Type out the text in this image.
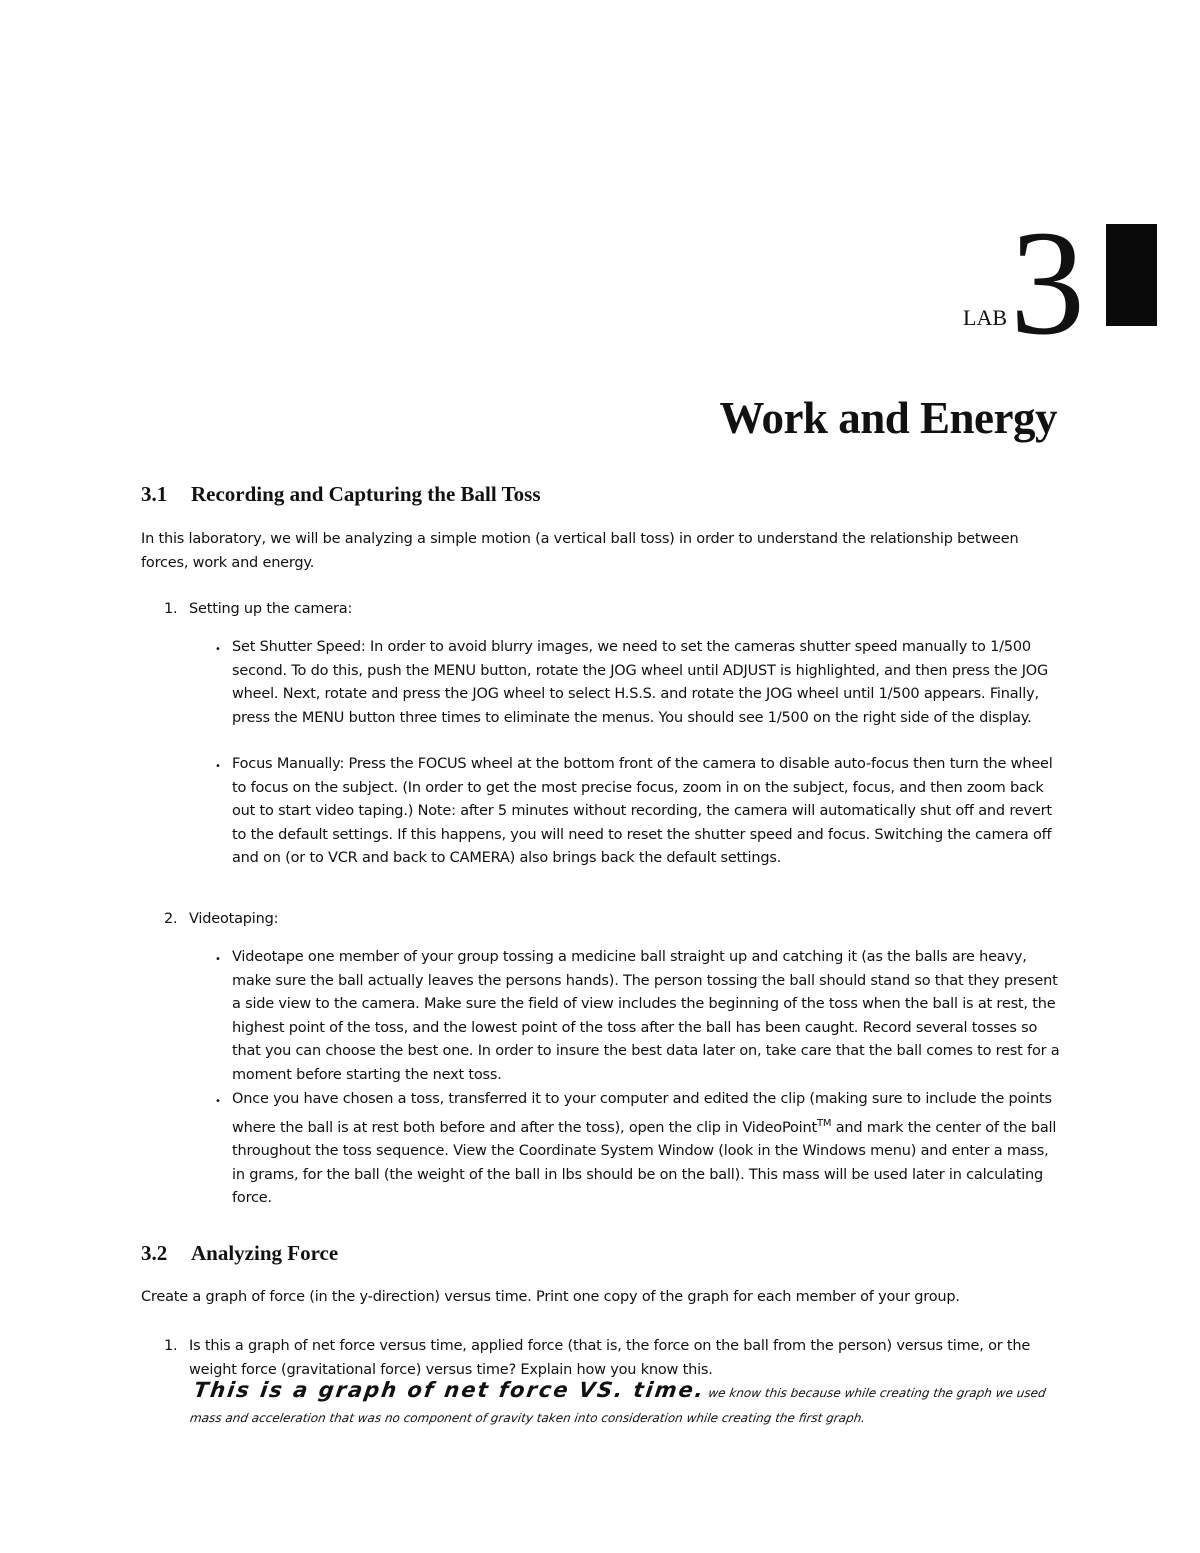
LAB 3
Work and Energy
3.1 Recording and Capturing the Ball Toss

In this laboratory, we will be analyzing a simple motion (a vertical ball toss) in order to understand the relationship between forces, work and energy.

1. Setting up the camera:
• Set Shutter Speed: In order to avoid blurry images, we need to set the cameras shutter speed manually to 1/500 second. To do this, push the MENU button, rotate the JOG wheel until ADJUST is highlighted, and then press the JOG wheel. Next, rotate and press the JOG wheel to select H.S.S. and rotate the JOG wheel until 1/500 appears. Finally, press the MENU button three times to eliminate the menus. You should see 1/500 on the right side of the display.

• Focus Manually: Press the FOCUS wheel at the bottom front of the camera to disable auto-focus then turn the wheel to focus on the subject. (In order to get the most precise focus, zoom in on the subject, focus, and then zoom back out to start video taping.) Note: after 5 minutes without recording, the camera will automatically shut off and revert to the default settings. If this happens, you will need to reset the shutter speed and focus. Switching the camera off and on (or to VCR and back to CAMERA) also brings back the default settings.

2. Videotaping:
• Videotape one member of your group tossing a medicine ball straight up and catching it (as the balls are heavy, make sure the ball actually leaves the persons hands). The person tossing the ball should stand so that they present a side view to the camera. Make sure the field of view includes the beginning of the toss when the ball is at rest, the highest point of the toss, and the lowest point of the toss after the ball has been caught. Record several tosses so that you can choose the best one. In order to insure the best data later on, take care that the ball comes to rest for a moment before starting the next toss.

• Once you have chosen a toss, transferred it to your computer and edited the clip (making sure to include the points where the ball is at rest both before and after the toss), open the clip in VideoPoint™ and mark the center of the ball throughout the toss sequence. View the Coordinate System Window (look in the Windows menu) and enter a mass, in grams, for the ball (the weight of the ball in lbs should be on the ball). This mass will be used later in calculating force.

3.2 Analyzing Force

Create a graph of force (in the y-direction) versus time. Print one copy of the graph for each member of your group.

1. Is this a graph of net force versus time, applied force (that is, the force on the ball from the person) versus time, or the weight force (gravitational force) versus time? Explain how you know this.

This is a graph of net force VS. time. we know this because while creating the graph we used mass and acceleration that was no component of gravity taken into consideration while creating the first graph.
